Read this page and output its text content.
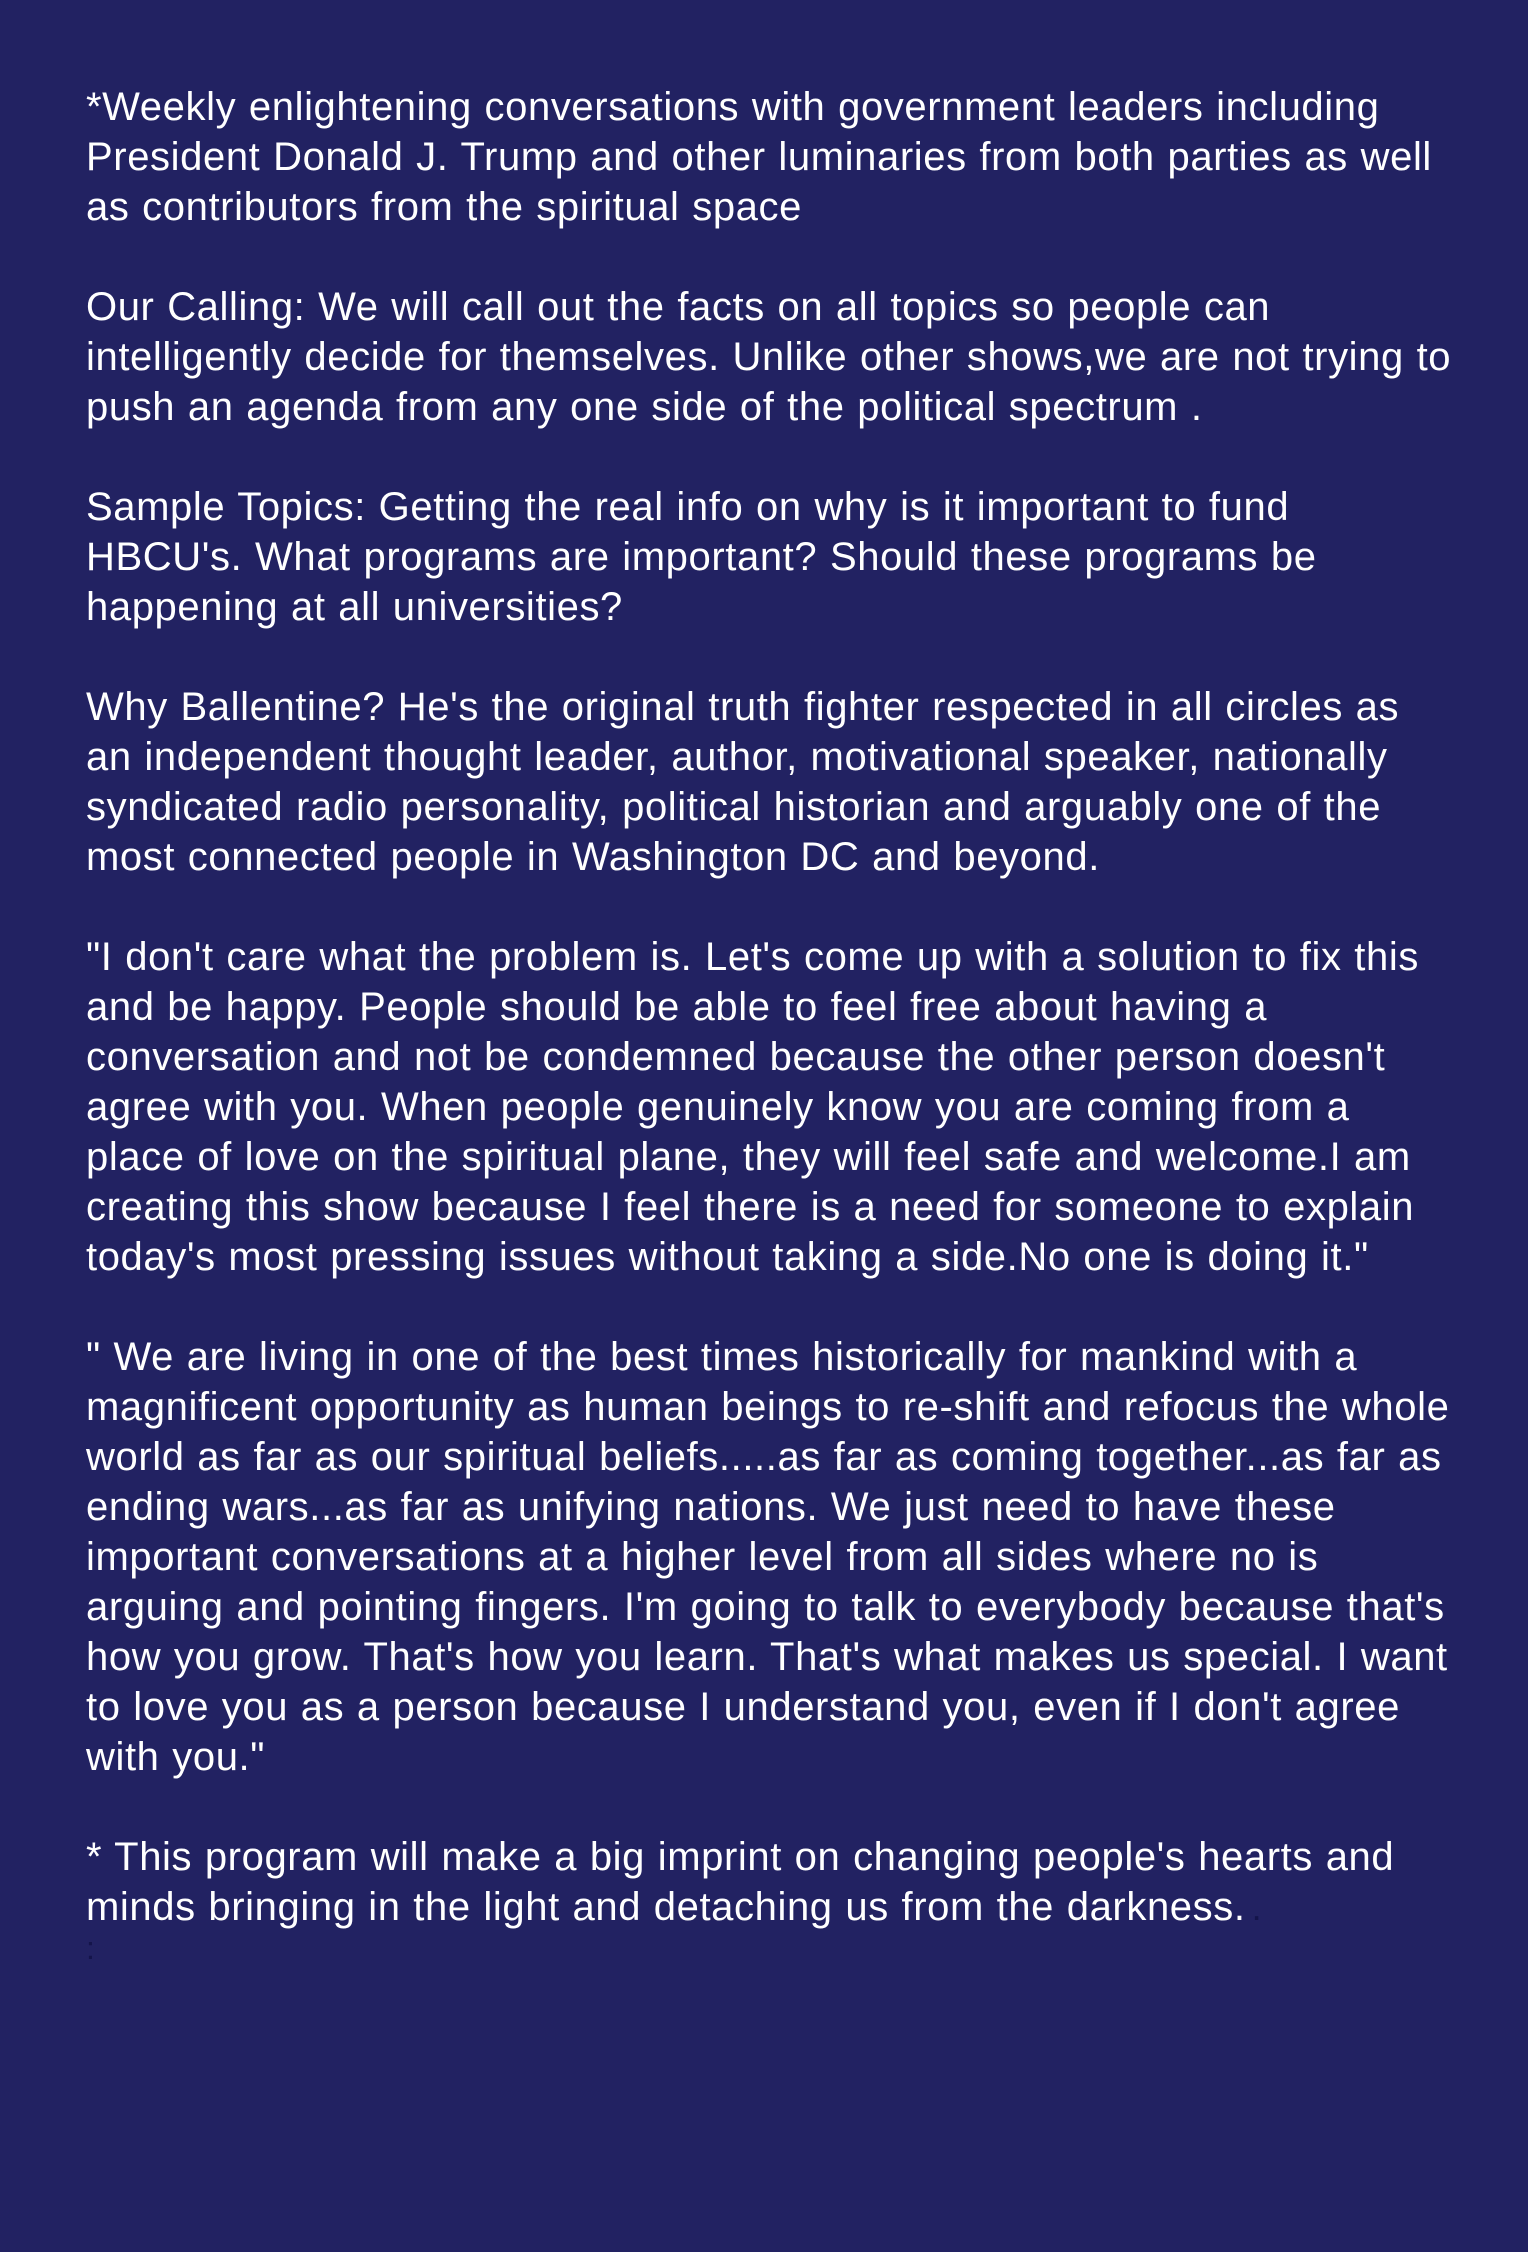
*Weekly enlightening conversations with government leaders including President Donald J. Trump and other luminaries from both parties as well as contributors from the spiritual space

Our Calling: We will call out the facts on all topics so people can intelligently decide for themselves. Unlike other shows,we are not trying to push an agenda from any one side of the political spectrum .

Sample Topics: Getting the real info on why is it important to fund HBCU's. What programs are important? Should these programs be happening at all universities?

Why Ballentine? He's the original truth fighter respected in all circles as an independent thought leader, author, motivational speaker, nationally syndicated radio personality, political historian and arguably one of the most connected people in Washington DC and beyond.

"I don't care what the problem is. Let's come up with a solution to fix this and be happy. People should be able to feel free about having a conversation and not be condemned because the other person doesn't agree with you. When people genuinely know you are coming from a place of love on the spiritual plane, they will feel safe and welcome.I am creating this show because I feel there is a need for someone to explain today's most pressing issues without taking a side.No one is doing it."

" We are living in one of the best times historically for mankind with a magnificent opportunity as human beings to re-shift and refocus the whole world as far as our spiritual beliefs.....as far as coming together...as far as ending wars...as far as unifying nations. We just need to have these important conversations at a higher level from all sides where no is arguing and pointing fingers. I'm going to talk to everybody because that's how you grow. That's how you learn. That's what makes us special. I want to love you as a person because I understand you, even if I don't agree with you."

* This program will make a big imprint on changing people's hearts and minds bringing in the light and detaching us from the darkness. .

:
